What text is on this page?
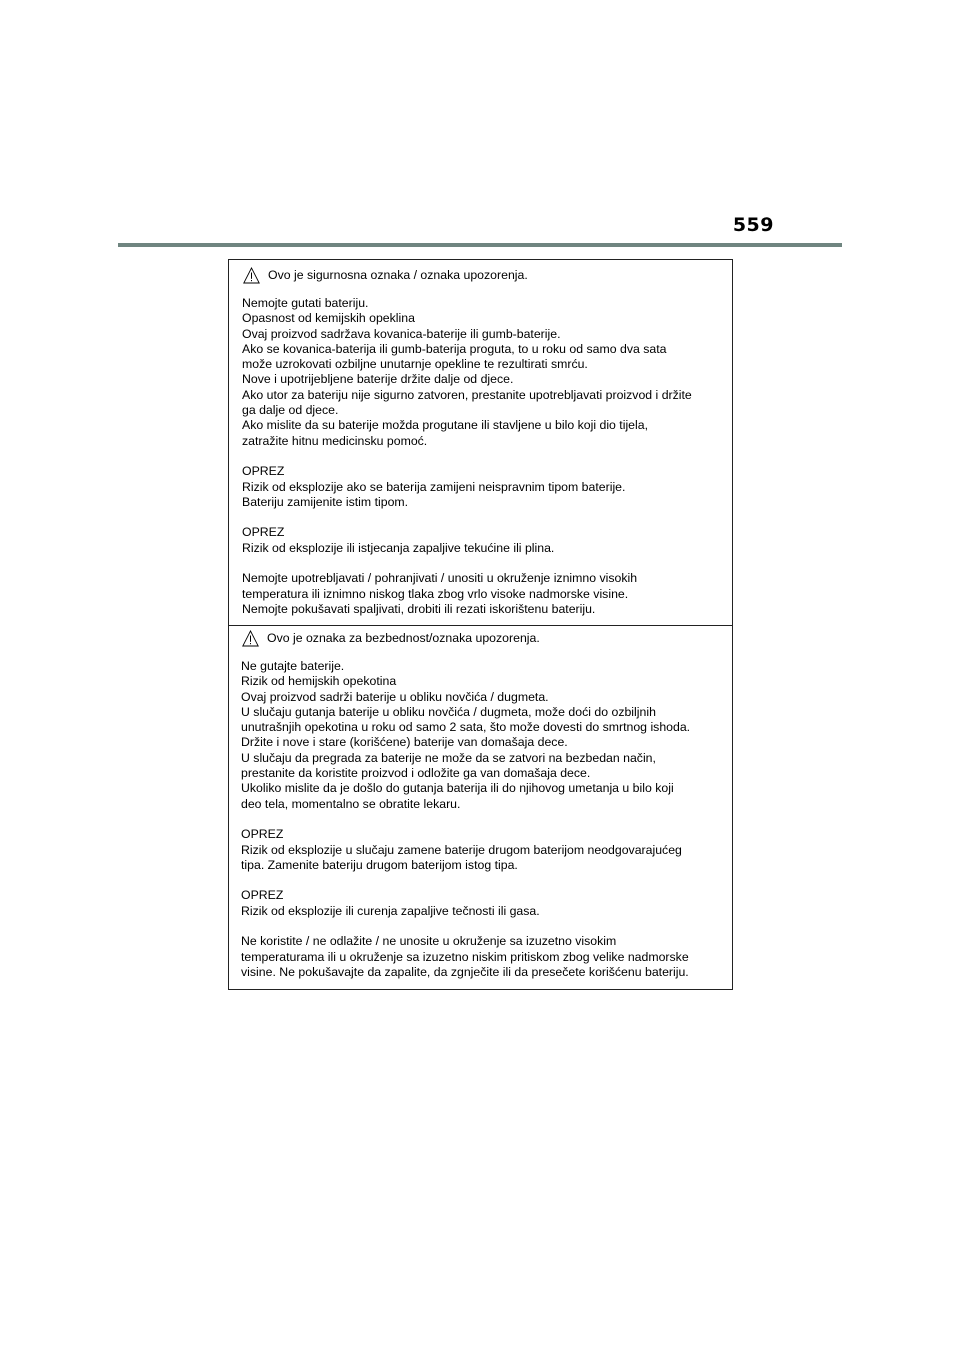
559
Ovo je sigurnosna oznaka / oznaka upozorenja.
Nemojte gutati bateriju.
Opasnost od kemijskih opeklina
Ovaj proizvod sadržava kovanica-baterije ili gumb-baterije.
Ako se kovanica-baterija ili gumb-baterija proguta, to u roku od samo dva sata
može uzrokovati ozbiljne unutarnje opekline te rezultirati smrću.
Nove i upotrijebljene baterije držite dalje od djece.
Ako utor za bateriju nije sigurno zatvoren, prestanite upotrebljavati proizvod i držite
ga dalje od djece.
Ako mislite da su baterije možda progutane ili stavljene u bilo koji dio tijela,
zatražite hitnu medicinsku pomoć.
OPREZ
Rizik od eksplozije ako se baterija zamijeni neispravnim tipom baterije.
Bateriju zamijenite istim tipom.
OPREZ
Rizik od eksplozije ili istjecanja zapaljive tekućine ili plina.
Nemojte upotrebljavati / pohranjivati / unositi u okruženje iznimno visokih
temperatura ili iznimno niskog tlaka zbog vrlo visoke nadmorske visine.
Nemojte pokušavati spaljivati, drobiti ili rezati iskorištenu bateriju.
Ovo je oznaka za bezbednost/oznaka upozorenja.
Ne gutajte baterije.
Rizik od hemijskih opekotina
Ovaj proizvod sadrži baterije u obliku novčića / dugmeta.
U slučaju gutanja baterije u obliku novčića / dugmeta, može doći do ozbiljnih
unutrašnjih opekotina u roku od samo 2 sata, što može dovesti do smrtnog ishoda.
Držite i nove i stare (korišćene) baterije van domašaja dece.
U slučaju da pregrada za baterije ne može da se zatvori na bezbedan način,
prestanite da koristite proizvod i odložite ga van domašaja dece.
Ukoliko mislite da je došlo do gutanja baterija ili do njihovog umetanja u bilo koji
deo tela, momentalno se obratite lekaru.
OPREZ
Rizik od eksplozije u slučaju zamene baterije drugom baterijom neodgovarajućeg
tipa. Zamenite bateriju drugom baterijom istog tipa.
OPREZ
Rizik od eksplozije ili curenja zapaljive tečnosti ili gasa.
Ne koristite / ne odlažite / ne unosite u okruženje sa izuzetno visokim
temperaturama ili u okruženje sa izuzetno niskim pritiskom zbog velike nadmorske
visine. Ne pokušavajte da zapalite, da zgnječite ili da presečete korišćenu bateriju.
